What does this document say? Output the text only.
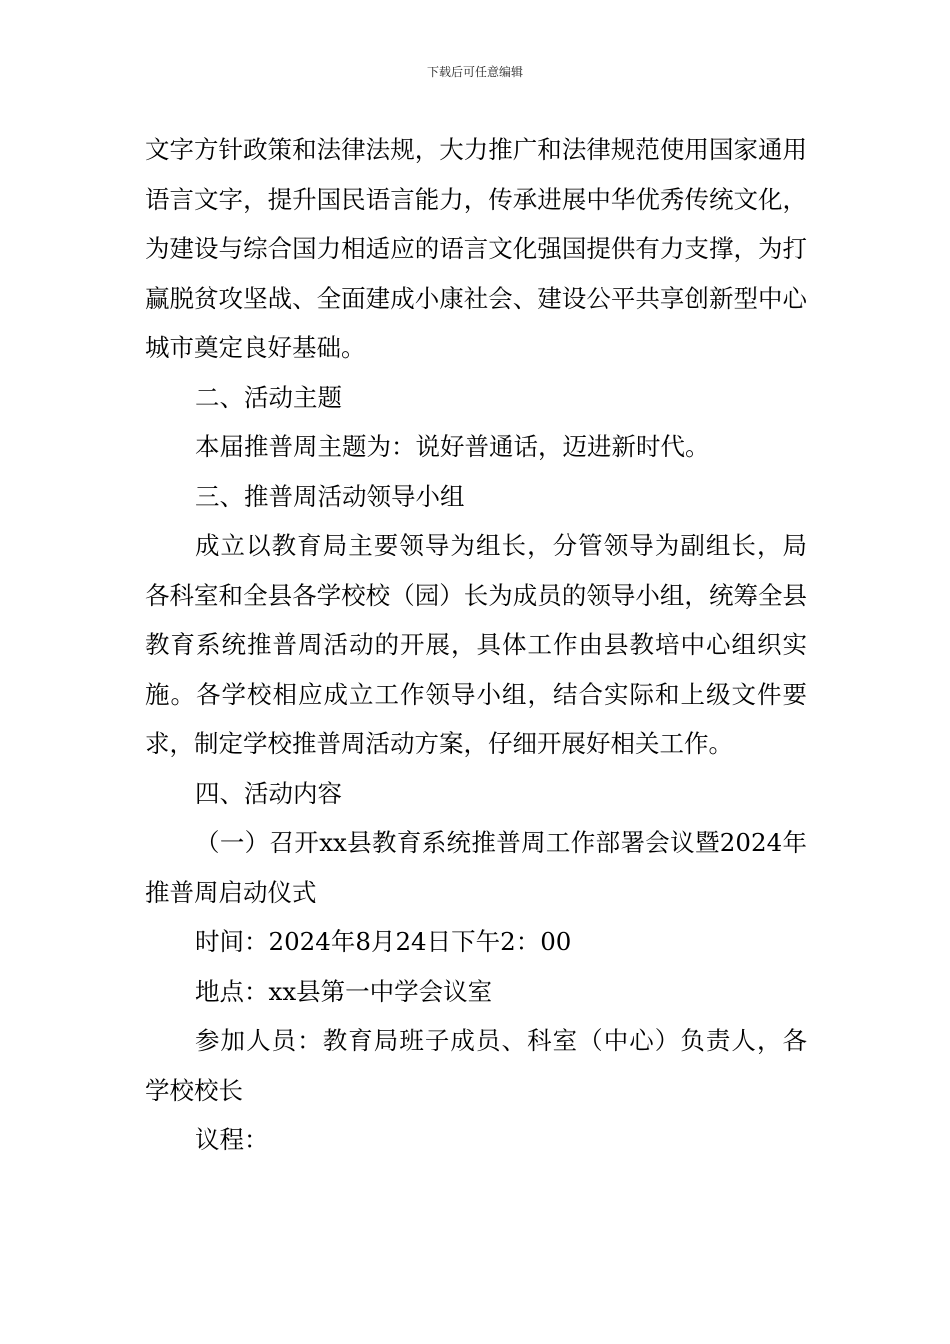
下载后可任意编辑

文字方针政策和法律法规，大力推广和法律规范使用国家通用语言文字，提升国民语言能力，传承进展中华优秀传统文化，为建设与综合国力相适应的语言文化强国提供有力支撑，为打赢脱贫攻坚战、全面建成小康社会、建设公平共享创新型中心城市奠定良好基础。

二、活动主题

本届推普周主题为：说好普通话，迈进新时代。

三、推普周活动领导小组

成立以教育局主要领导为组长，分管领导为副组长，局各科室和全县各学校校（园）长为成员的领导小组，统筹全县教育系统推普周活动的开展，具体工作由县教培中心组织实施。各学校相应成立工作领导小组，结合实际和上级文件要求，制定学校推普周活动方案，仔细开展好相关工作。

四、活动内容

（一）召开xx县教育系统推普周工作部署会议暨2024年推普周启动仪式

时间：2024年8月24日下午2：00

地点：xx县第一中学会议室

参加人员：教育局班子成员、科室（中心）负责人，各学校校长

议程：
